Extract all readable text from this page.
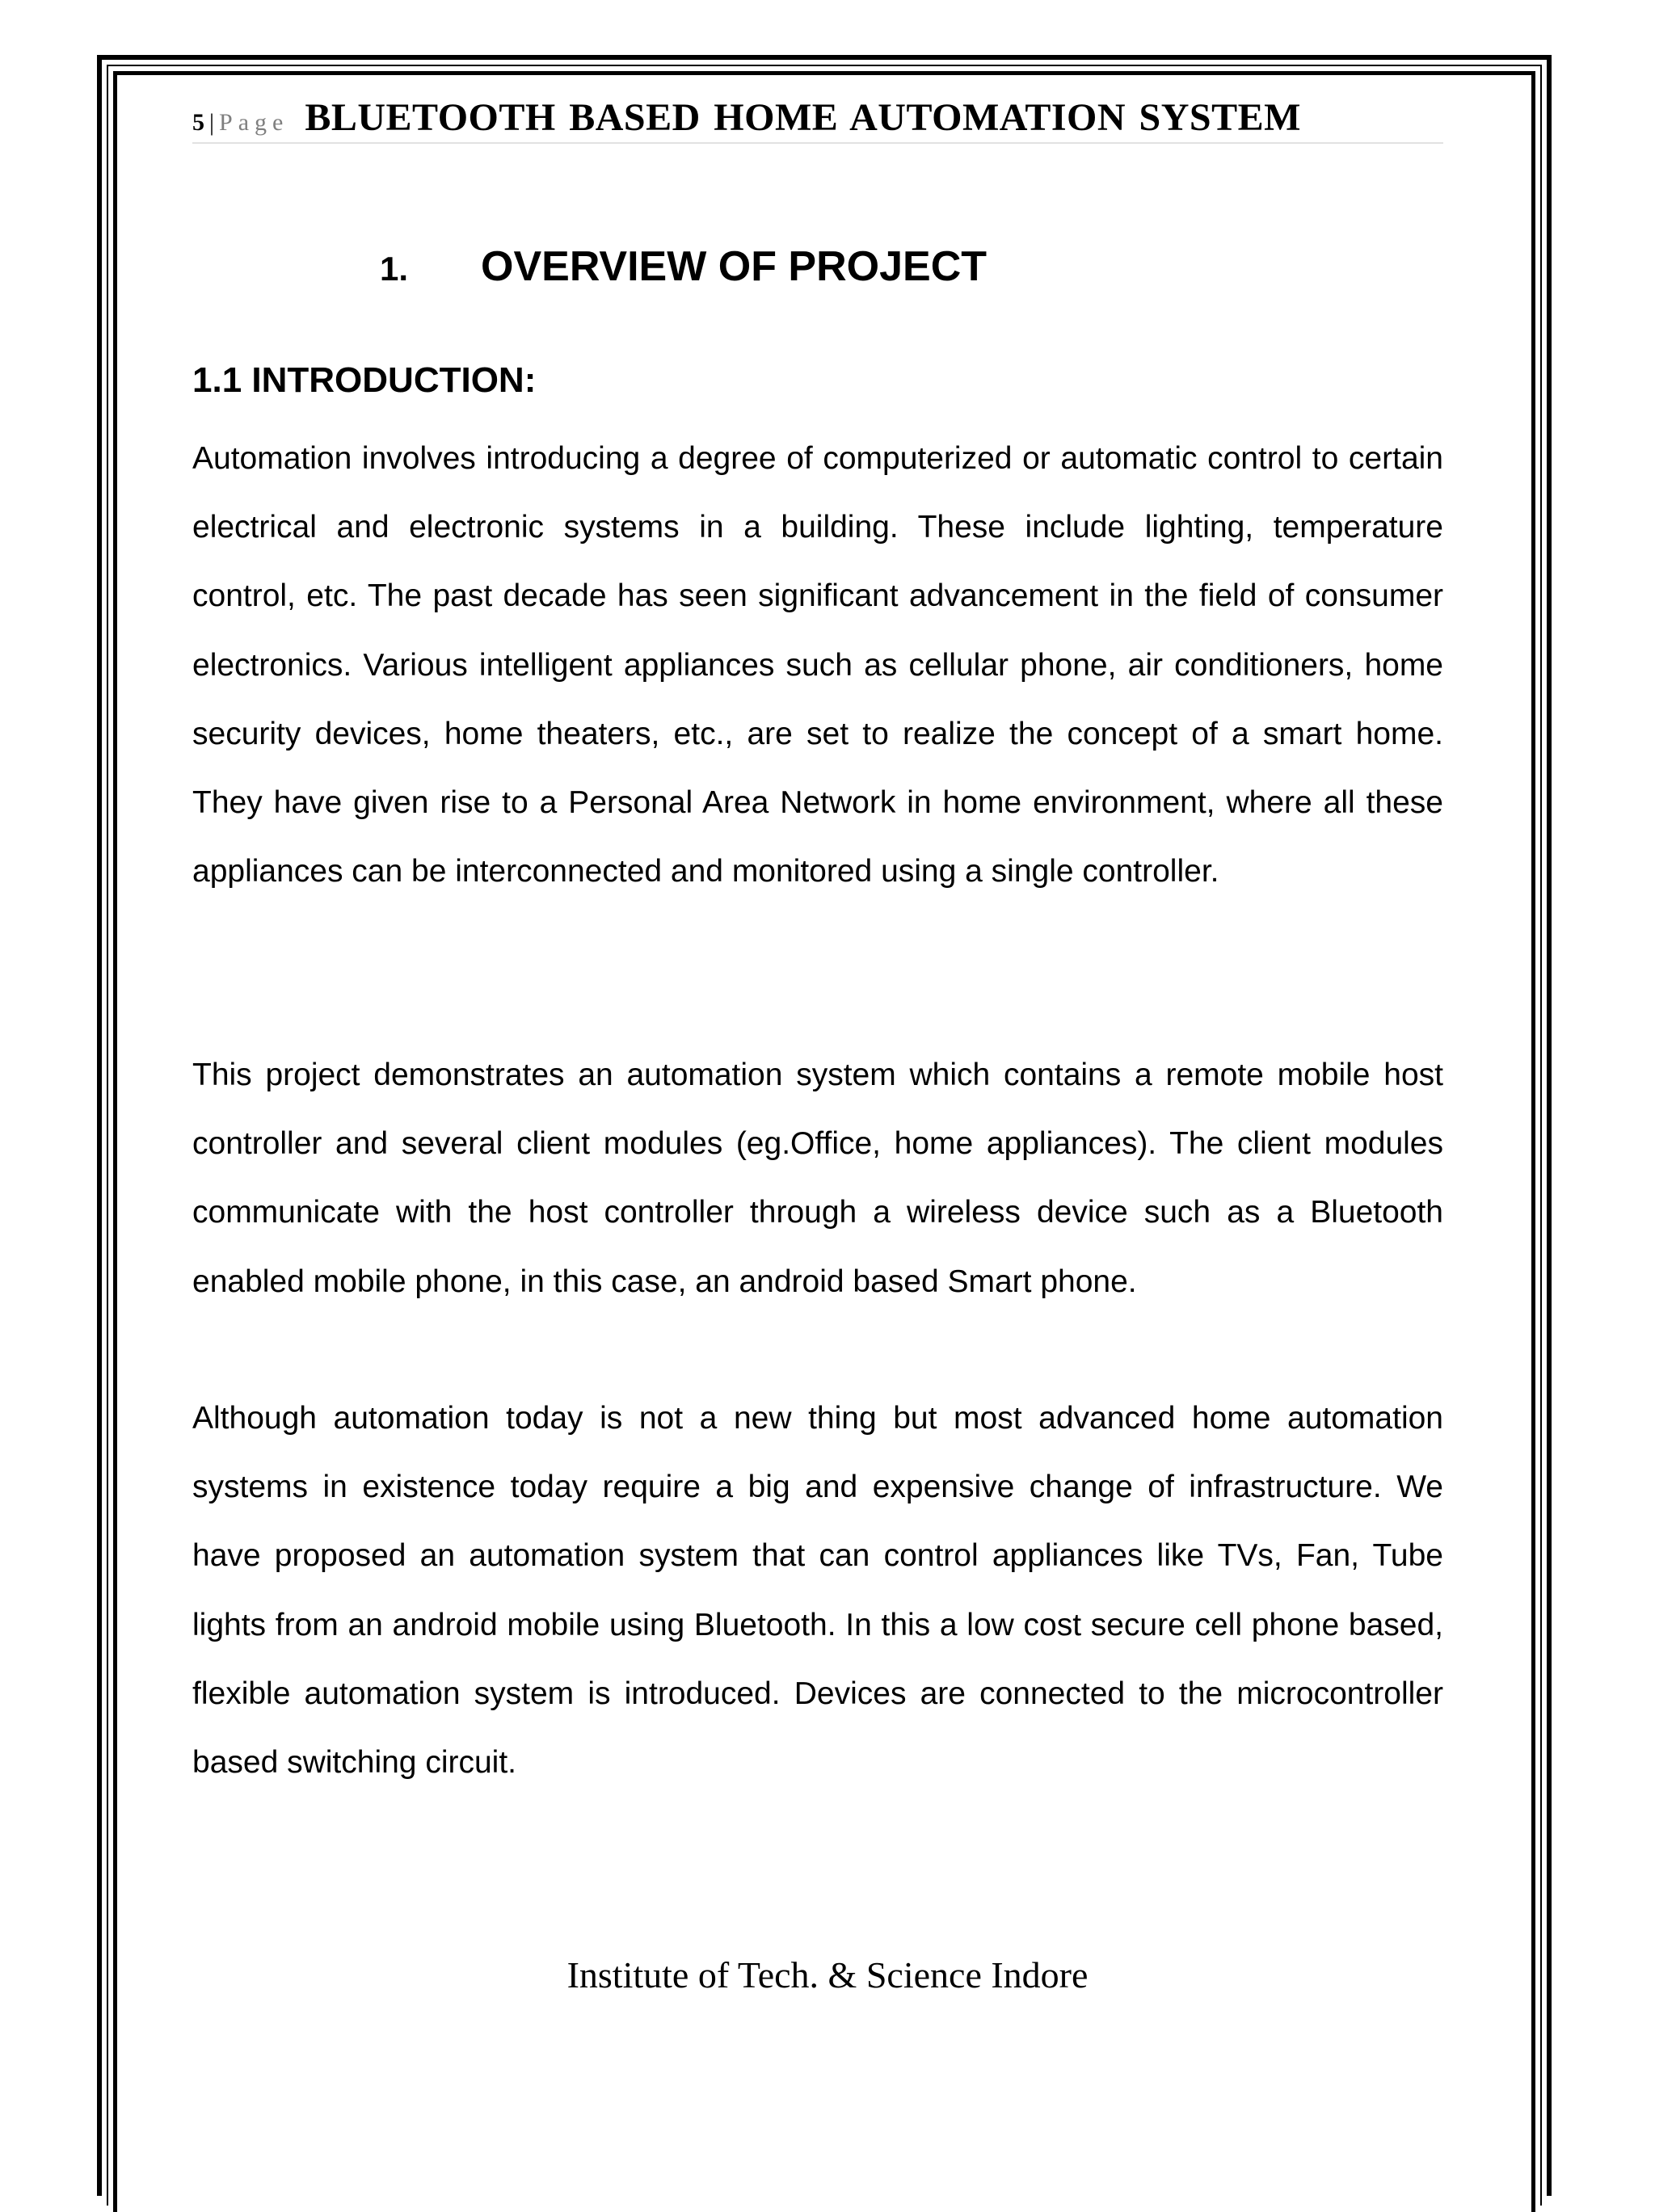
5 | Page BLUETOOTH BASED HOME AUTOMATION SYSTEM
1. OVERVIEW OF PROJECT
1.1 INTRODUCTION:

Automation involves introducing a degree of computerized or automatic control to certain electrical and electronic systems in a building. These include lighting, temperature control, etc. The past decade has seen significant advancement in the field of consumer electronics. Various intelligent appliances such as cellular phone, air conditioners, home security devices, home theaters, etc., are set to realize the concept of a smart home. They have given rise to a Personal Area Network in home environment, where all these appliances can be interconnected and monitored using a single controller.

This project demonstrates an automation system which contains a remote mobile host controller and several client modules (eg.Office, home appliances). The client modules communicate with the host controller through a wireless device such as a Bluetooth enabled mobile phone, in this case, an android based Smart phone.

Although automation today is not a new thing but most advanced home automation systems in existence today require a big and expensive change of infrastructure. We have proposed an automation system that can control appliances like TVs, Fan, Tube lights from an android mobile using Bluetooth. In this a low cost secure cell phone based, flexible automation system is introduced. Devices are connected to the microcontroller based switching circuit.

Institute of Tech. & Science Indore
